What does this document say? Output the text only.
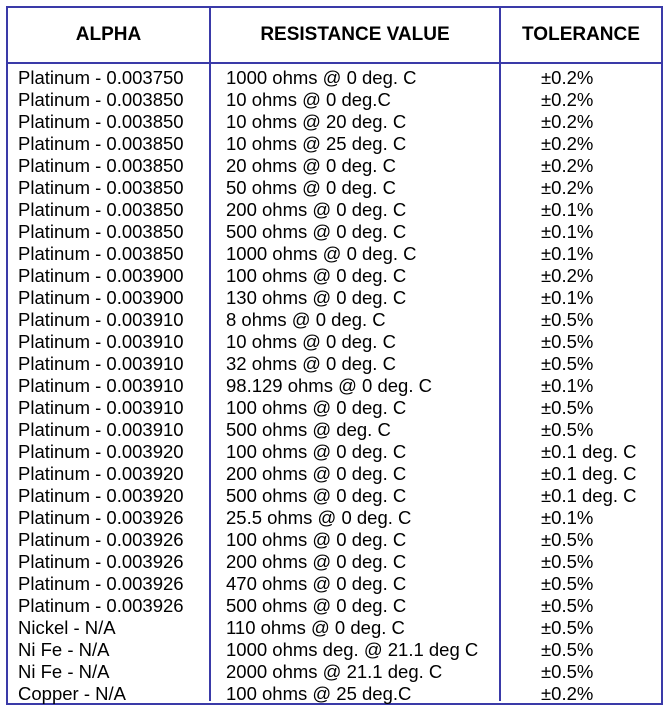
ALPHA	RESISTANCE VALUE	TOLERANCE
Platinum - 0.003750
Platinum - 0.003850
Platinum - 0.003850
Platinum - 0.003850
Platinum - 0.003850
Platinum - 0.003850
Platinum - 0.003850
Platinum - 0.003850
Platinum - 0.003850
Platinum - 0.003900
Platinum - 0.003900
Platinum - 0.003910
Platinum - 0.003910
Platinum - 0.003910
Platinum - 0.003910
Platinum - 0.003910
Platinum - 0.003910
Platinum - 0.003920
Platinum - 0.003920
Platinum - 0.003920
Platinum - 0.003926
Platinum - 0.003926
Platinum - 0.003926
Platinum - 0.003926
Platinum - 0.003926
Nickel - N/A
Ni Fe - N/A
Ni Fe - N/A
Copper - N/A
1000 ohms @ 0 deg. C
10 ohms @ 0 deg.C
10 ohms @ 20 deg. C
10 ohms @ 25 deg. C
20 ohms @ 0 deg. C
50 ohms @ 0 deg. C
200 ohms @ 0 deg. C
500 ohms @ 0 deg. C
1000 ohms @ 0 deg. C
100 ohms @ 0 deg. C
130 ohms @ 0 deg. C
8 ohms @ 0 deg. C
10 ohms @ 0 deg. C
32 ohms @ 0 deg. C
98.129 ohms @ 0 deg. C
100 ohms @ 0 deg. C
500 ohms @ deg. C
100 ohms @ 0 deg. C
200 ohms @ 0 deg. C
500 ohms @ 0 deg. C
25.5 ohms @ 0 deg. C
100 ohms @ 0 deg. C
200 ohms @ 0 deg. C
470 ohms @ 0 deg. C
500 ohms @ 0 deg. C
110 ohms @ 0 deg. C
1000 ohms deg. @ 21.1 deg C
2000 ohms @ 21.1 deg. C
100 ohms @ 25 deg.C
±0.2%
±0.2%
±0.2%
±0.2%
±0.2%
±0.2%
±0.1%
±0.1%
±0.1%
±0.2%
±0.1%
±0.5%
±0.5%
±0.5%
±0.1%
±0.5%
±0.5%
±0.1 deg. C
±0.1 deg. C
±0.1 deg. C
±0.1%
±0.5%
±0.5%
±0.5%
±0.5%
±0.5%
±0.5%
±0.5%
±0.2%
